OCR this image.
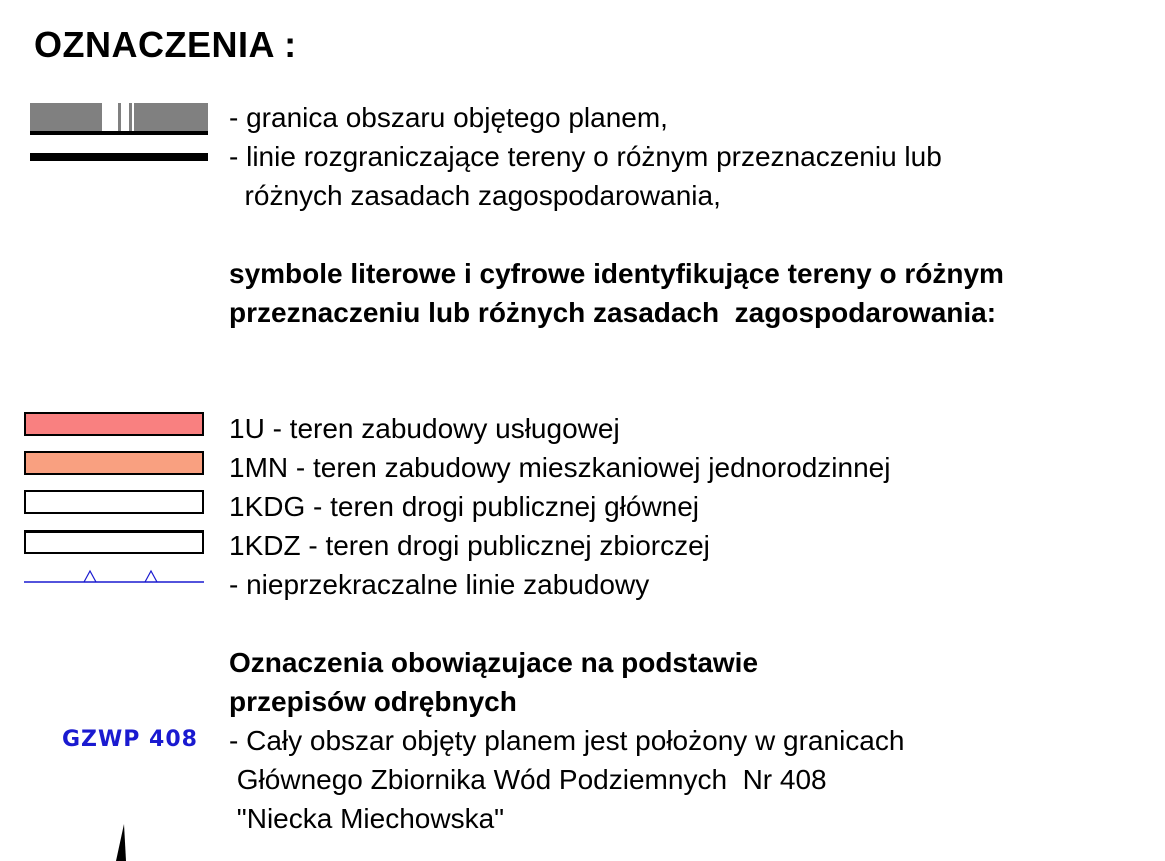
OZNACZENIA :
- granica obszaru objętego planem,
- linie rozgraniczające tereny o różnym przeznaczeniu lub
różnych zasadach zagospodarowania,
symbole literowe i cyfrowe identyfikujące tereny o różnym
przeznaczeniu lub różnych zasadach  zagospodarowania:
1U - teren zabudowy usługowej
1MN - teren zabudowy mieszkaniowej jednorodzinnej
1KDG - teren drogi publicznej głównej
1KDZ - teren drogi publicznej zbiorczej
- nieprzekraczalne linie zabudowy
Oznaczenia obowiązujace na podstawie
przepisów odrębnych
GZWP 408 - Cały obszar objęty planem jest położony w granicach
Głównego Zbiornika Wód Podziemnych  Nr 408
"Niecka Miechowska"
